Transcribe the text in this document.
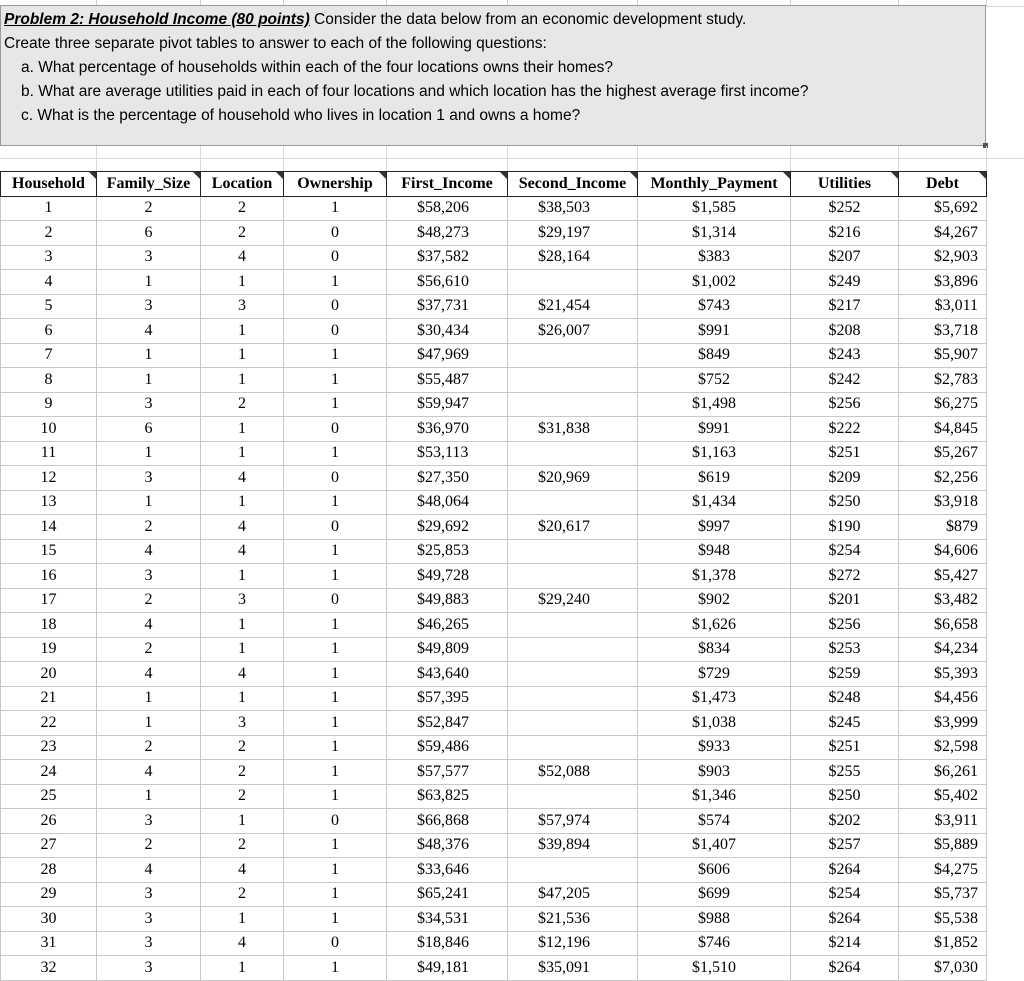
Problem 2: Household Income (80 points) Consider the data below from an economic development study.
Create three separate pivot tables to answer to each of the following questions:
a. What percentage of households within each of the four locations owns their homes?
b. What are average utilities paid in each of four locations and which location has the highest average first income?
c. What is the percentage of household who lives in location 1 and owns a home?
Household	Family_Size	Location	Ownership	First_Income	Second_Income	Monthly_Payment	Utilities	Debt
1	2	2	1	$58,206	$38,503	$1,585	$252	$5,692
2	6	2	0	$48,273	$29,197	$1,314	$216	$4,267
3	3	4	0	$37,582	$28,164	$383	$207	$2,903
4	1	1	1	$56,610		$1,002	$249	$3,896
5	3	3	0	$37,731	$21,454	$743	$217	$3,011
6	4	1	0	$30,434	$26,007	$991	$208	$3,718
7	1	1	1	$47,969		$849	$243	$5,907
8	1	1	1	$55,487		$752	$242	$2,783
9	3	2	1	$59,947		$1,498	$256	$6,275
10	6	1	0	$36,970	$31,838	$991	$222	$4,845
11	1	1	1	$53,113		$1,163	$251	$5,267
12	3	4	0	$27,350	$20,969	$619	$209	$2,256
13	1	1	1	$48,064		$1,434	$250	$3,918
14	2	4	0	$29,692	$20,617	$997	$190	$879
15	4	4	1	$25,853		$948	$254	$4,606
16	3	1	1	$49,728		$1,378	$272	$5,427
17	2	3	0	$49,883	$29,240	$902	$201	$3,482
18	4	1	1	$46,265		$1,626	$256	$6,658
19	2	1	1	$49,809		$834	$253	$4,234
20	4	4	1	$43,640		$729	$259	$5,393
21	1	1	1	$57,395		$1,473	$248	$4,456
22	1	3	1	$52,847		$1,038	$245	$3,999
23	2	2	1	$59,486		$933	$251	$2,598
24	4	2	1	$57,577	$52,088	$903	$255	$6,261
25	1	2	1	$63,825		$1,346	$250	$5,402
26	3	1	0	$66,868	$57,974	$574	$202	$3,911
27	2	2	1	$48,376	$39,894	$1,407	$257	$5,889
28	4	4	1	$33,646		$606	$264	$4,275
29	3	2	1	$65,241	$47,205	$699	$254	$5,737
30	3	1	1	$34,531	$21,536	$988	$264	$5,538
31	3	4	0	$18,846	$12,196	$746	$214	$1,852
32	3	1	1	$49,181	$35,091	$1,510	$264	$7,030
